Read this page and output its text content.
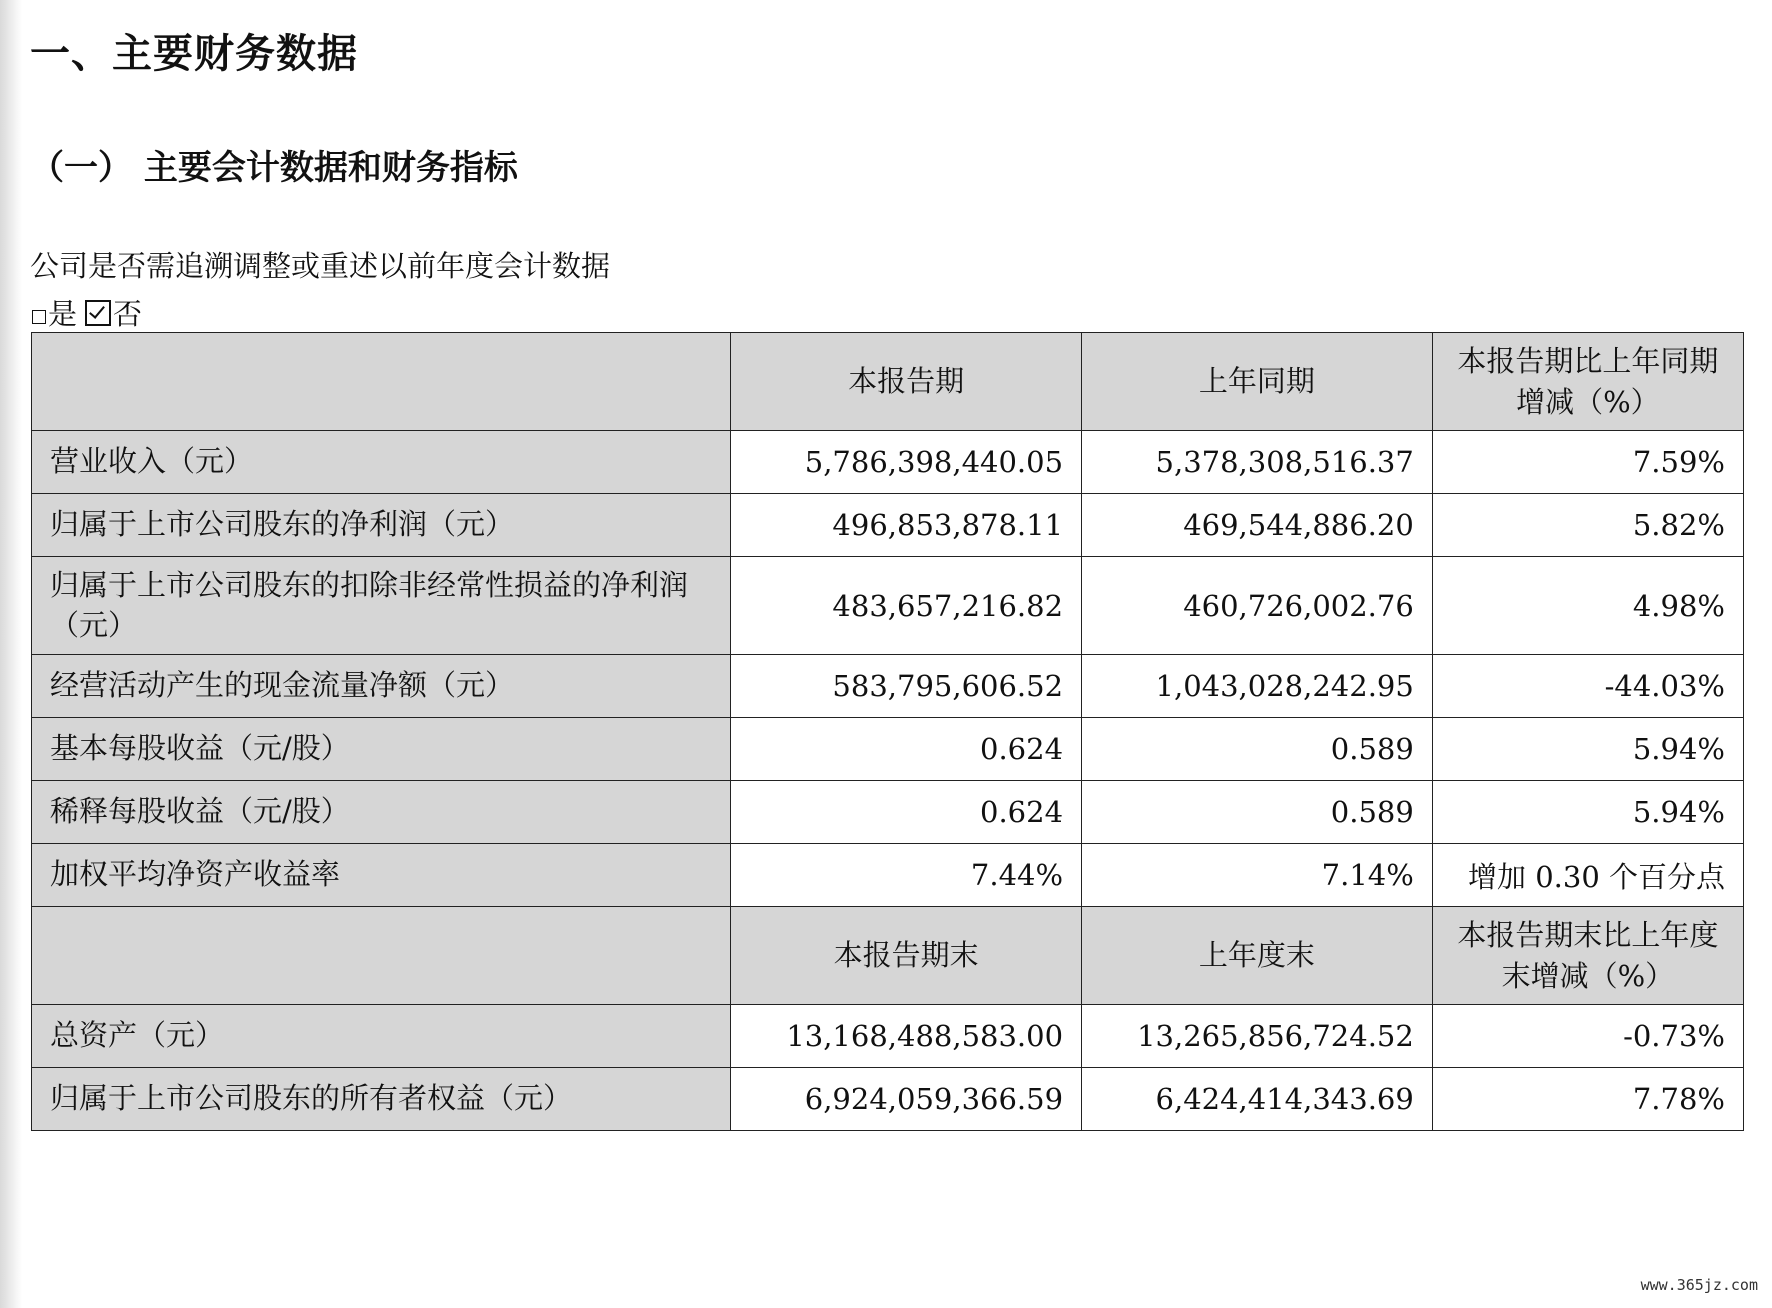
一、主要财务数据
（一） 主要会计数据和财务指标
公司是否需追溯调整或重述以前年度会计数据
是 否
	本报告期	上年同期	本报告期比上年同期增减（%）
营业收入（元）	5,786,398,440.05	5,378,308,516.37	7.59%
归属于上市公司股东的净利润（元）	496,853,878.11	469,544,886.20	5.82%
归属于上市公司股东的扣除非经常性损益的净利润（元）	483,657,216.82	460,726,002.76	4.98%
经营活动产生的现金流量净额（元）	583,795,606.52	1,043,028,242.95	-44.03%
基本每股收益（元/股）	0.624	0.589	5.94%
稀释每股收益（元/股）	0.624	0.589	5.94%
加权平均净资产收益率	7.44%	7.14%	增加 0.30 个百分点
	本报告期末	上年度末	本报告期末比上年度末增减（%）
总资产（元）	13,168,488,583.00	13,265,856,724.52	-0.73%
归属于上市公司股东的所有者权益（元）	6,924,059,366.59	6,424,414,343.69	7.78%
www.365jz.com
